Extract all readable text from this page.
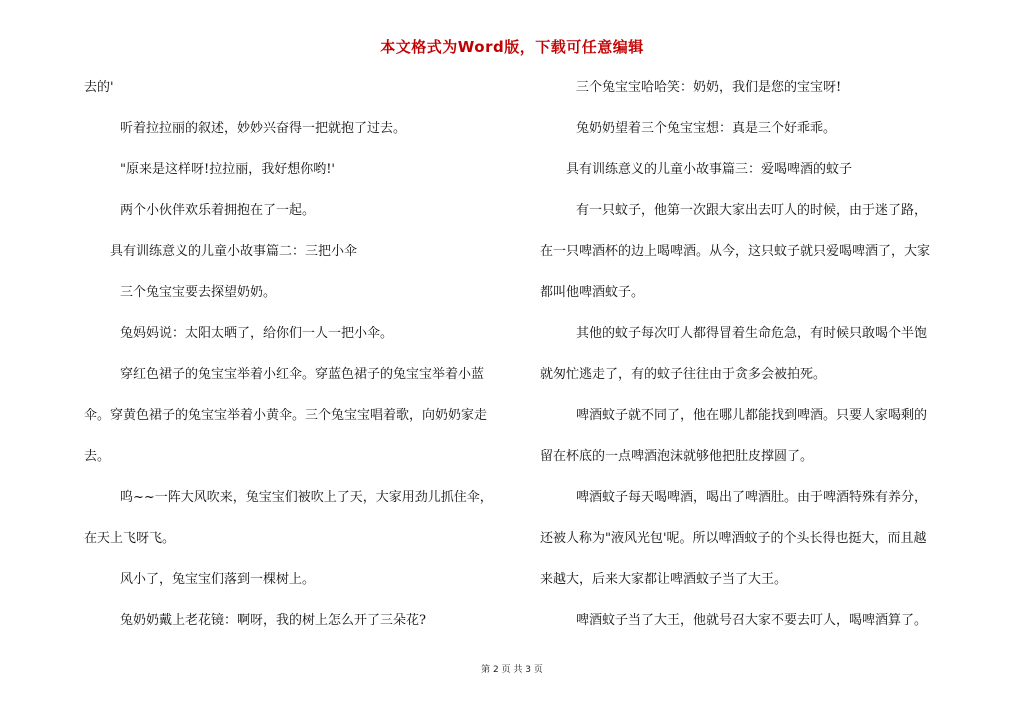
本文格式为Word版，下载可任意编辑
去的'
听着拉拉丽的叙述，妙妙兴奋得一把就抱了过去。
"原来是这样呀!拉拉丽，我好想你哟!'
两个小伙伴欢乐着拥抱在了一起。
具有训练意义的儿童小故事篇二：三把小伞
三个兔宝宝要去探望奶奶。
兔妈妈说：太阳太晒了，给你们一人一把小伞。
穿红色裙子的兔宝宝举着小红伞。穿蓝色裙子的兔宝宝举着小蓝
伞。穿黄色裙子的兔宝宝举着小黄伞。三个兔宝宝唱着歌，向奶奶家走
去。
呜~~一阵大风吹来，兔宝宝们被吹上了天，大家用劲儿抓住伞，
在天上飞呀飞。
风小了，兔宝宝们落到一棵树上。
兔奶奶戴上老花镜：啊呀，我的树上怎么开了三朵花?
三个兔宝宝哈哈笑：奶奶，我们是您的宝宝呀!
兔奶奶望着三个兔宝宝想：真是三个好乖乖。
具有训练意义的儿童小故事篇三：爱喝啤酒的蚊子
有一只蚊子，他第一次跟大家出去叮人的时候，由于迷了路，
在一只啤酒杯的边上喝啤酒。从今，这只蚊子就只爱喝啤酒了，大家
都叫他啤酒蚊子。
其他的蚊子每次叮人都得冒着生命危急，有时候只敢喝个半饱
就匆忙逃走了，有的蚊子往往由于贪多会被拍死。
啤酒蚊子就不同了，他在哪儿都能找到啤酒。只要人家喝剩的
留在杯底的一点啤酒泡沫就够他把肚皮撑圆了。
啤酒蚊子每天喝啤酒，喝出了啤酒肚。由于啤酒特殊有养分，
还被人称为"液风光包'呢。所以啤酒蚊子的个头长得也挺大，而且越
来越大，后来大家都让啤酒蚊子当了大王。
啤酒蚊子当了大王，他就号召大家不要去叮人，喝啤酒算了。
第 2 页 共 3 页
